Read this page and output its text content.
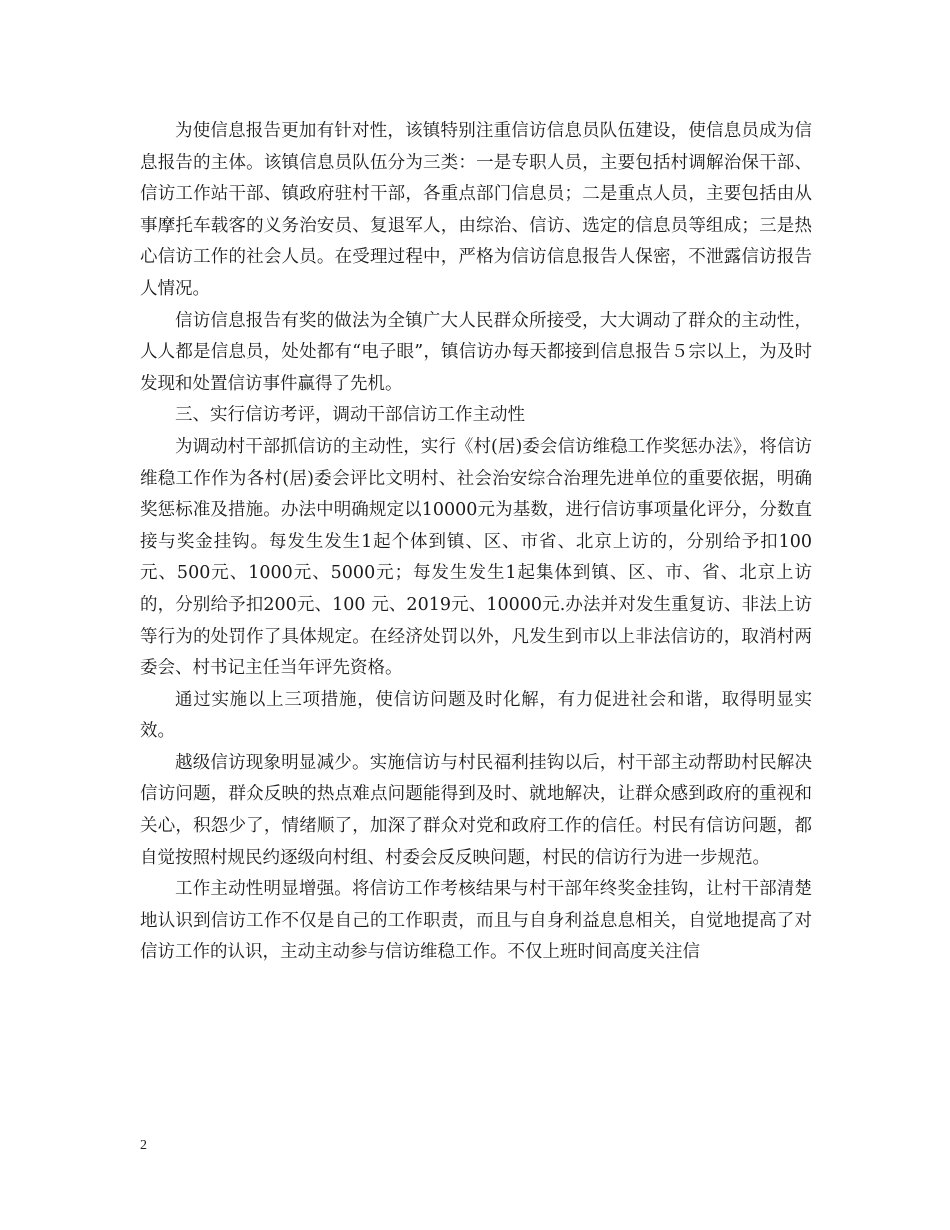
为使信息报告更加有针对性，该镇特别注重信访信息员队伍建设，使信息员成为信息报告的主体。该镇信息员队伍分为三类：一是专职人员，主要包括村调解治保干部、信访工作站干部、镇政府驻村干部，各重点部门信息员；二是重点人员，主要包括由从事摩托车载客的义务治安员、复退军人，由综治、信访、选定的信息员等组成；三是热心信访工作的社会人员。在受理过程中，严格为信访信息报告人保密，不泄露信访报告人情况。

信访信息报告有奖的做法为全镇广大人民群众所接受，大大调动了群众的主动性，人人都是信息员，处处都有“电子眼”，镇信访办每天都接到信息报告５宗以上，为及时发现和处置信访事件赢得了先机。

三、实行信访考评，调动干部信访工作主动性

为调动村干部抓信访的主动性，实行《村(居)委会信访维稳工作奖惩办法》，将信访维稳工作作为各村(居)委会评比文明村、社会治安综合治理先进单位的重要依据，明确奖惩标准及措施。办法中明确规定以10000元为基数，进行信访事项量化评分，分数直接与奖金挂钩。每发生发生1起个体到镇、区、市省、北京上访的，分别给予扣100元、500元、1000元、5000元；每发生发生1起集体到镇、区、市、省、北京上访的，分别给予扣200元、100 元、2019元、10000元.办法并对发生重复访、非法上访等行为的处罚作了具体规定。在经济处罚以外，凡发生到市以上非法信访的，取消村两委会、村书记主任当年评先资格。

通过实施以上三项措施，使信访问题及时化解，有力促进社会和谐，取得明显实效。

越级信访现象明显减少。实施信访与村民福利挂钩以后，村干部主动帮助村民解决信访问题，群众反映的热点难点问题能得到及时、就地解决，让群众感到政府的重视和关心，积怨少了，情绪顺了，加深了群众对党和政府工作的信任。村民有信访问题，都自觉按照村规民约逐级向村组、村委会反反映问题，村民的信访行为进一步规范。

工作主动性明显增强。将信访工作考核结果与村干部年终奖金挂钩，让村干部清楚地认识到信访工作不仅是自己的工作职责，而且与自身利益息息相关，自觉地提高了对信访工作的认识，主动主动参与信访维稳工作。不仅上班时间高度关注信

2
